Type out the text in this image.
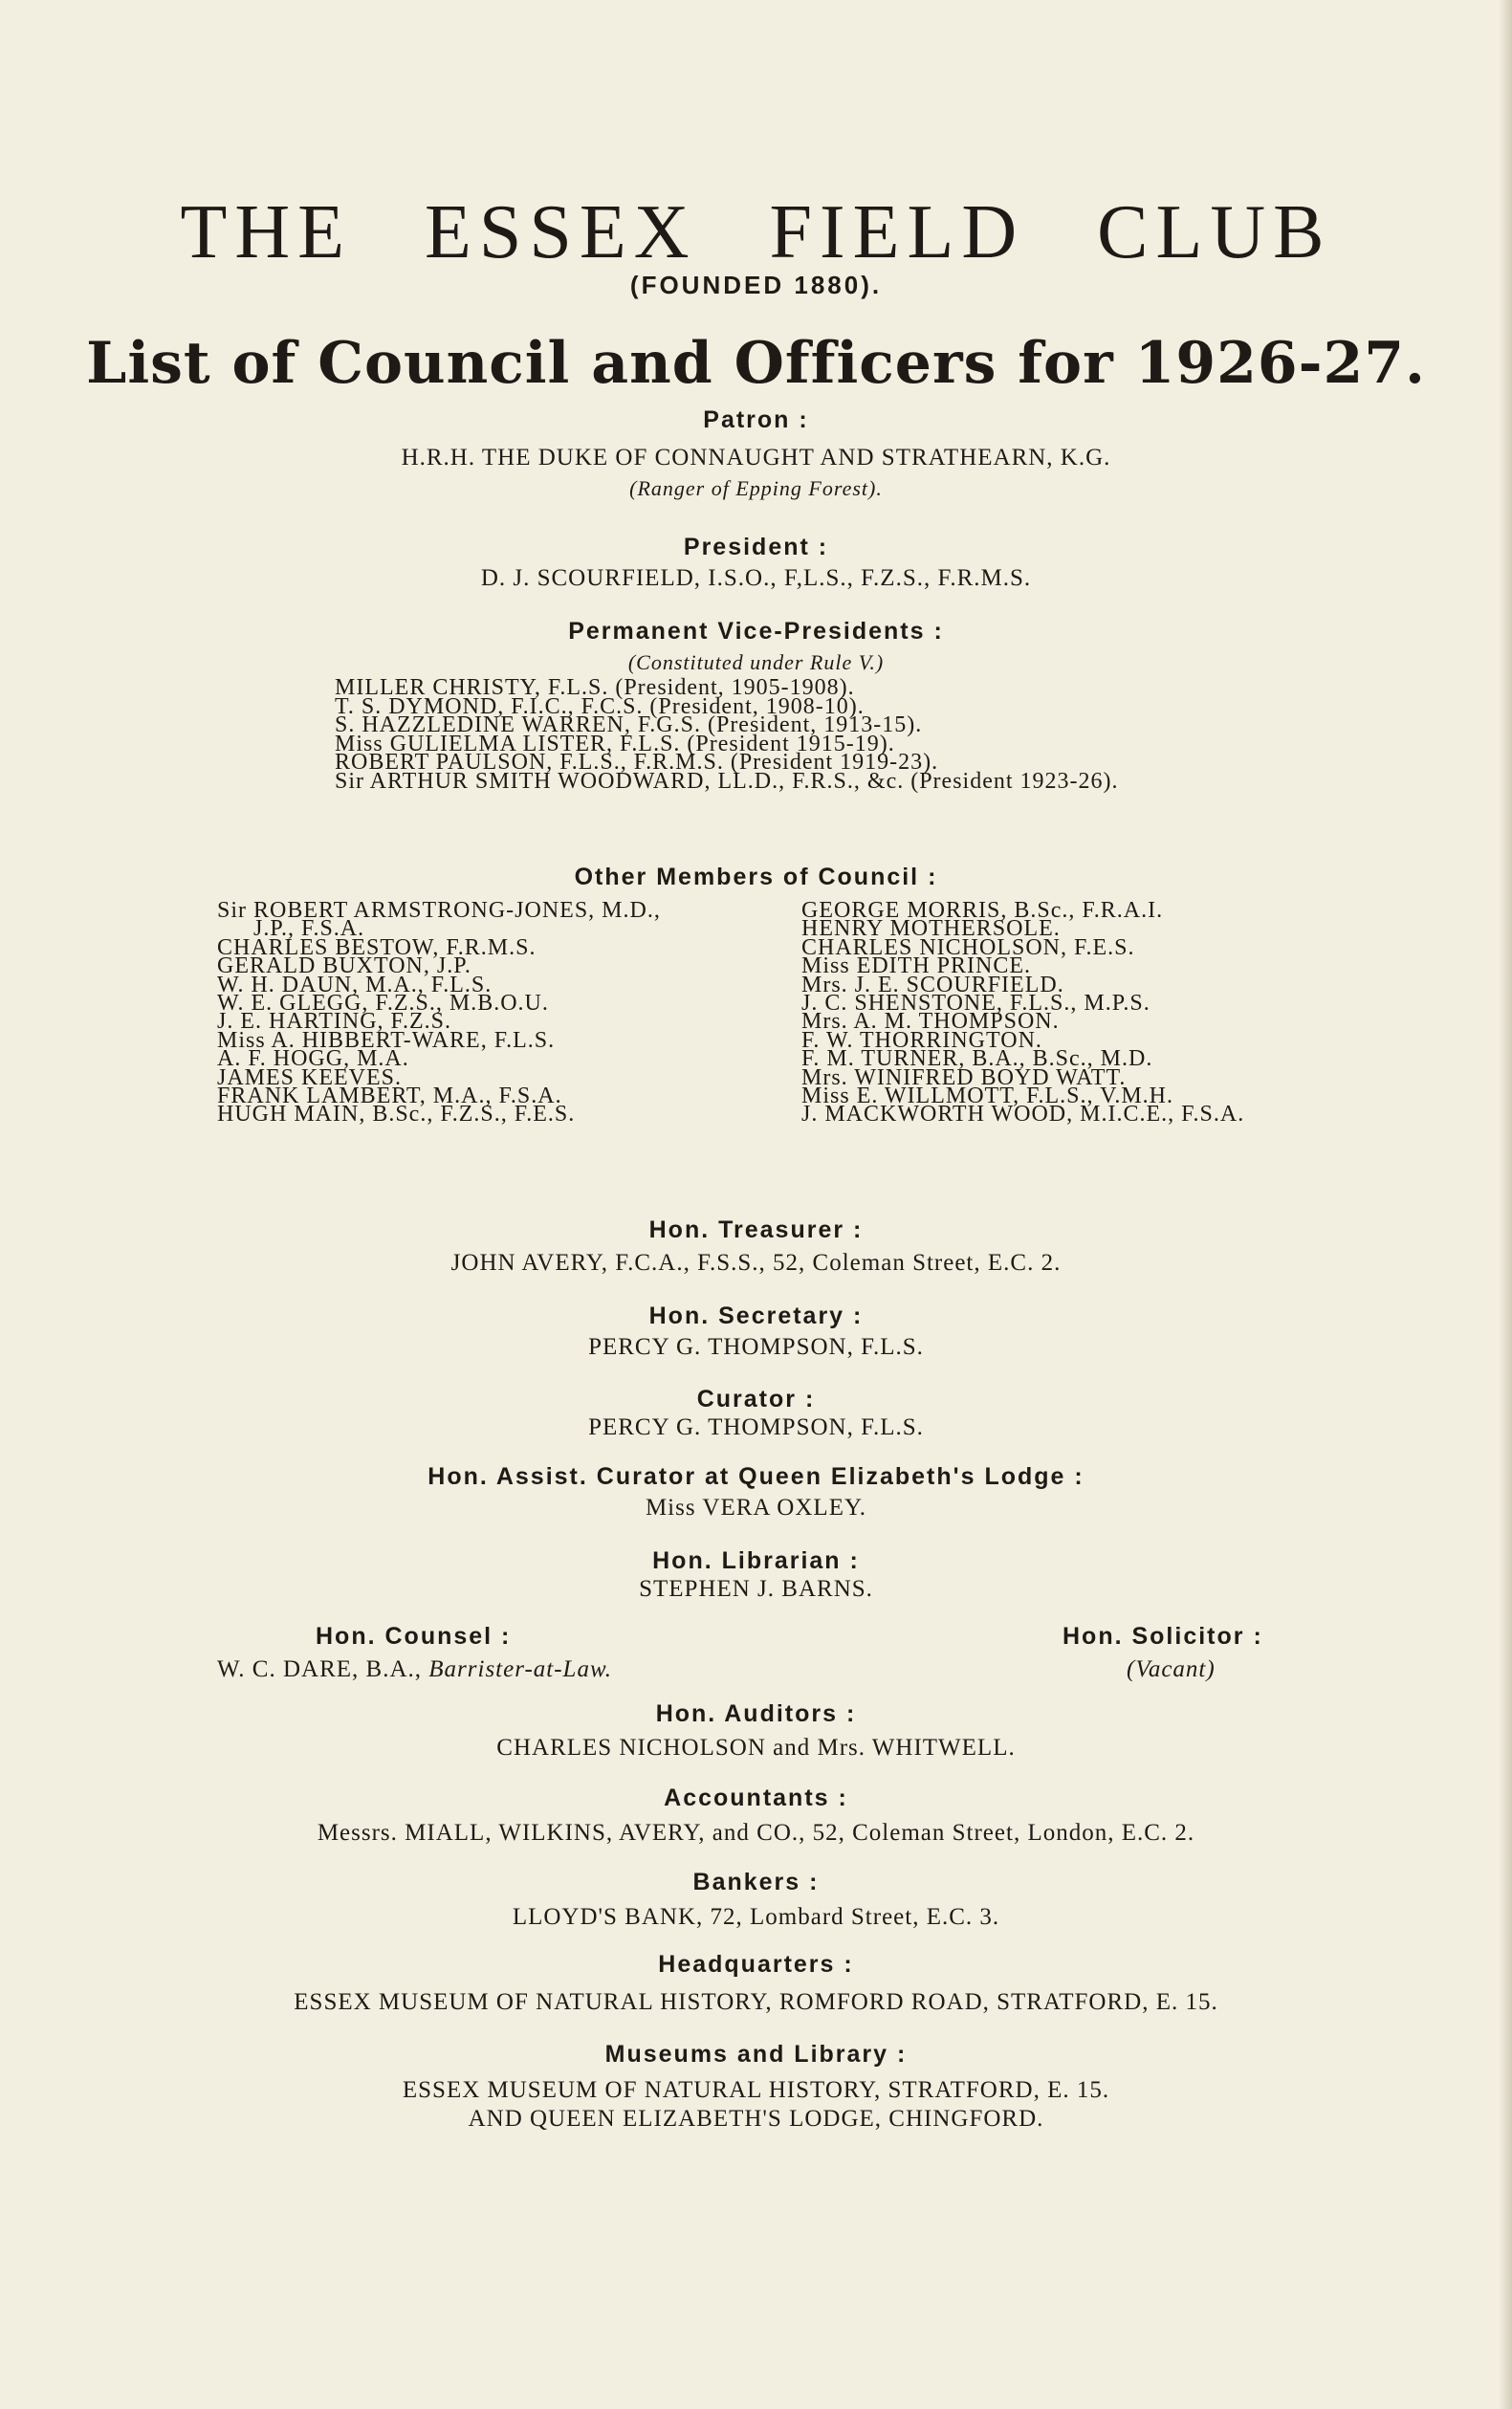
THE ESSEX FIELD CLUB
(FOUNDED 1880).
List of Council and Officers for 1926-27.
Patron :
H.R.H. THE DUKE OF CONNAUGHT AND STRATHEARN, K.G.
(Ranger of Epping Forest).
President :
D. J. SCOURFIELD, I.S.O., F,L.S., F.Z.S., F.R.M.S.
Permanent Vice-Presidents :
(Constituted under Rule V.)
MILLER CHRISTY, F.L.S. (President, 1905-1908).
T. S. DYMOND, F.I.C., F.C.S. (President, 1908-10).
S. HAZZLEDINE WARREN, F.G.S. (President, 1913-15).
Miss GULIELMA LISTER, F.L.S. (President 1915-19).
ROBERT PAULSON, F.L.S., F.R.M.S. (President 1919-23).
Sir ARTHUR SMITH WOODWARD, LL.D., F.R.S., &c. (President 1923-26).
Other Members of Council :
Sir ROBERT ARMSTRONG-JONES, M.D.,
J.P., F.S.A.
CHARLES BESTOW, F.R.M.S.
GERALD BUXTON, J.P.
W. H. DAUN, M.A., F.L.S.
W. E. GLEGG, F.Z.S., M.B.O.U.
J. E. HARTING, F.Z.S.
Miss A. HIBBERT-WARE, F.L.S.
A. F. HOGG, M.A.
JAMES KEEVES.
FRANK LAMBERT, M.A., F.S.A.
HUGH MAIN, B.Sc., F.Z.S., F.E.S.
GEORGE MORRIS, B.Sc., F.R.A.I.
HENRY MOTHERSOLE.
CHARLES NICHOLSON, F.E.S.
Miss EDITH PRINCE.
Mrs. J. E. SCOURFIELD.
J. C. SHENSTONE, F.L.S., M.P.S.
Mrs. A. M. THOMPSON.
F. W. THORRINGTON.
F. M. TURNER, B.A., B.Sc., M.D.
Mrs. WINIFRED BOYD WATT.
Miss E. WILLMOTT, F.L.S., V.M.H.
J. MACKWORTH WOOD, M.I.C.E., F.S.A.
Hon. Treasurer :
JOHN AVERY, F.C.A., F.S.S., 52, Coleman Street, E.C. 2.
Hon. Secretary :
PERCY G. THOMPSON, F.L.S.
Curator :
PERCY G. THOMPSON, F.L.S.
Hon. Assist. Curator at Queen Elizabeth's Lodge :
Miss VERA OXLEY.
Hon. Librarian :
STEPHEN J. BARNS.
Hon. Counsel :
W. C. DARE, B.A., Barrister-at-Law.
Hon. Solicitor :
(Vacant)
Hon. Auditors :
CHARLES NICHOLSON and Mrs. WHITWELL.
Accountants :
Messrs. MIALL, WILKINS, AVERY, and CO., 52, Coleman Street, London, E.C. 2.
Bankers :
LLOYD'S BANK, 72, Lombard Street, E.C. 3.
Headquarters :
ESSEX MUSEUM OF NATURAL HISTORY, ROMFORD ROAD, STRATFORD, E. 15.
Museums and Library :
ESSEX MUSEUM OF NATURAL HISTORY, STRATFORD, E. 15.
AND QUEEN ELIZABETH'S LODGE, CHINGFORD.
